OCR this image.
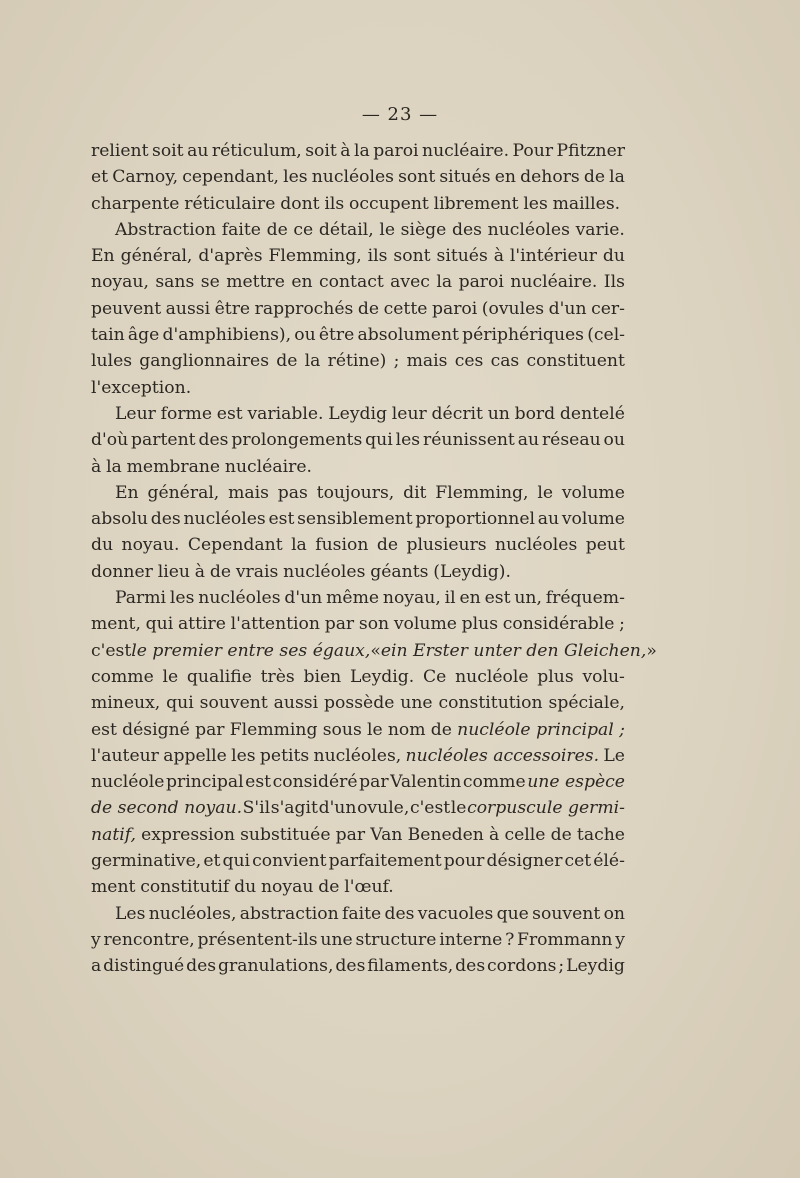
— 23 —
relient soit au réticulum, soit à la paroi nucléaire. Pour Pfitzner
et Carnoy, cependant, les nucléoles sont situés en dehors de la
charpente réticulaire dont ils occupent librement les mailles.
Abstraction faite de ce détail, le siège des nucléoles varie.
En général, d'après Flemming, ils sont situés à l'intérieur du
noyau, sans se mettre en contact avec la paroi nucléaire. Ils
peuvent aussi être rapprochés de cette paroi (ovules d'un cer-
tain âge d'amphibiens), ou être absolument périphériques (cel-
lules ganglionnaires de la rétine) ; mais ces cas constituent
l'exception.
Leur forme est variable. Leydig leur décrit un bord dentelé
d'où partent des prolongements qui les réunissent au réseau ou
à la membrane nucléaire.
En général, mais pas toujours, dit Flemming, le volume
absolu des nucléoles est sensiblement proportionnel au volume
du noyau. Cependant la fusion de plusieurs nucléoles peut
donner lieu à de vrais nucléoles géants (Leydig).
Parmi les nucléoles d'un même noyau, il en est un, fréquem-
ment, qui attire l'attention par son volume plus considérable ;
c'est le premier entre ses égaux, « ein Erster unter den Gleichen, »
comme le qualifie très bien Leydig. Ce nucléole plus volu-
mineux, qui souvent aussi possède une constitution spéciale,
est désigné par Flemming sous le nom de nucléole principal ;
l'auteur appelle les petits nucléoles, nucléoles accessoires. Le
nucléole principal est considéré par Valentin comme une espèce
de second noyau. S'il s'agit d'un ovule, c'est le corpuscule germi-
natif, expression substituée par Van Beneden à celle de tache
germinative, et qui convient parfaitement pour désigner cet élé-
ment constitutif du noyau de l'œuf.
Les nucléoles, abstraction faite des vacuoles que souvent on
y rencontre, présentent-ils une structure interne ? Frommann y
a distingué des granulations, des filaments, des cordons ; Leydig
